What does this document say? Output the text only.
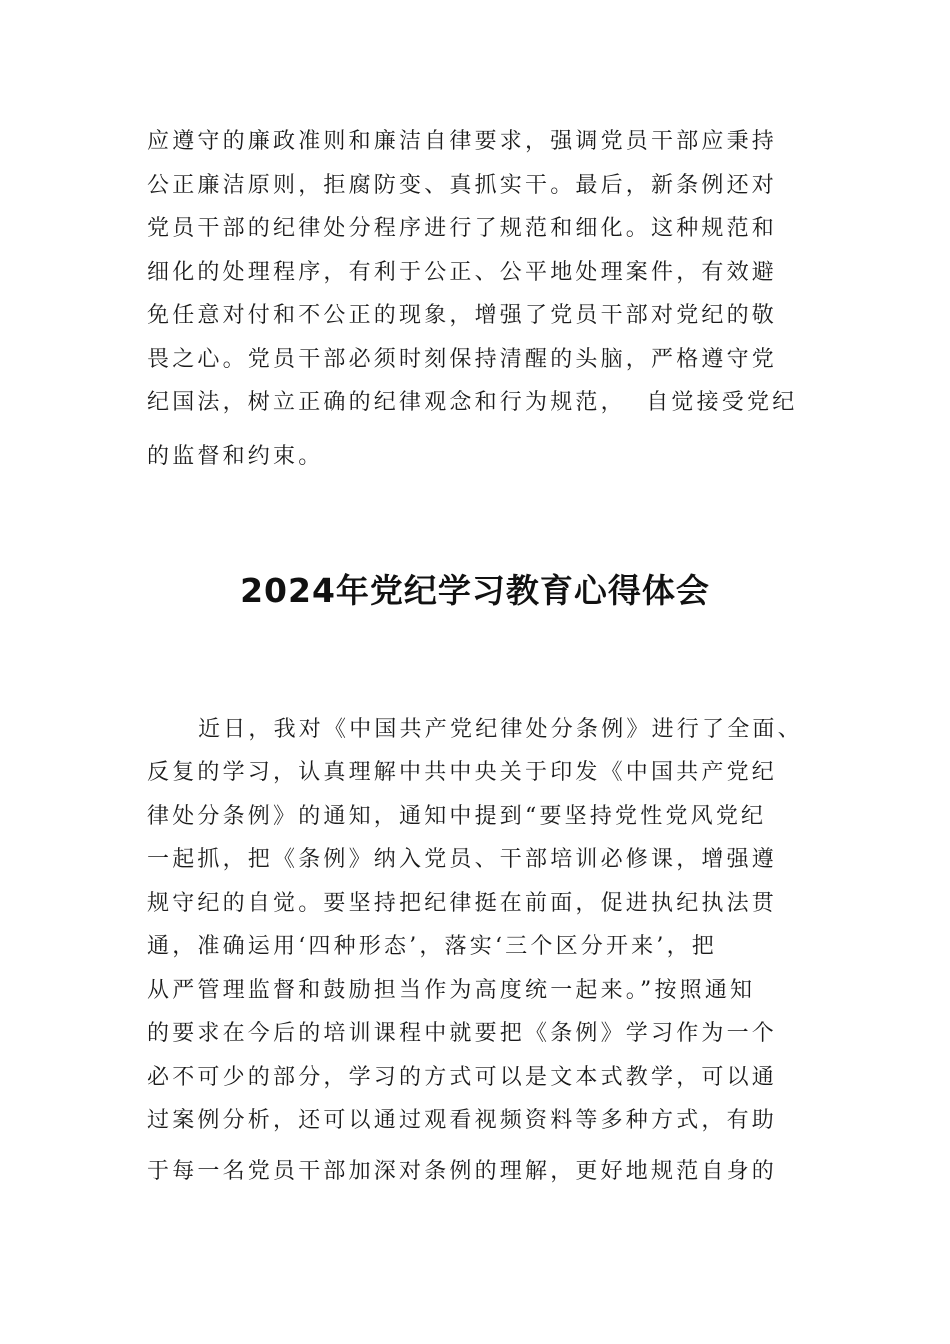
应遵守的廉政准则和廉洁自律要求，强调党员干部应秉持
公正廉洁原则，拒腐防变、真抓实干。最后，新条例还对
党员干部的纪律处分程序进行了规范和细化。这种规范和
细化的处理程序，有利于公正、公平地处理案件，有效避
免任意对付和不公正的现象，增强了党员干部对党纪的敬
畏之心。党员干部必须时刻保持清醒的头脑，严格遵守党
纪国法，树立正确的纪律观念和行为规范，  自觉接受党纪
的监督和约束。
2024年党纪学习教育心得体会
近日，我对《中国共产党纪律处分条例》进行了全面、
反复的学习，认真理解中共中央关于印发《中国共产党纪
律处分条例》的通知，通知中提到“要坚持党性党风党纪
一起抓，把《条例》纳入党员、干部培训必修课，增强遵
规守纪的自觉。要坚持把纪律挺在前面，促进执纪执法贯
通，准确运用‘四种形态’，落实‘三个区分开来’，把
从严管理监督和鼓励担当作为高度统一起来。”按照通知
的要求在今后的培训课程中就要把《条例》学习作为一个
必不可少的部分，学习的方式可以是文本式教学，可以通
过案例分析，还可以通过观看视频资料等多种方式，有助
于每一名党员干部加深对条例的理解，更好地规范自身的
